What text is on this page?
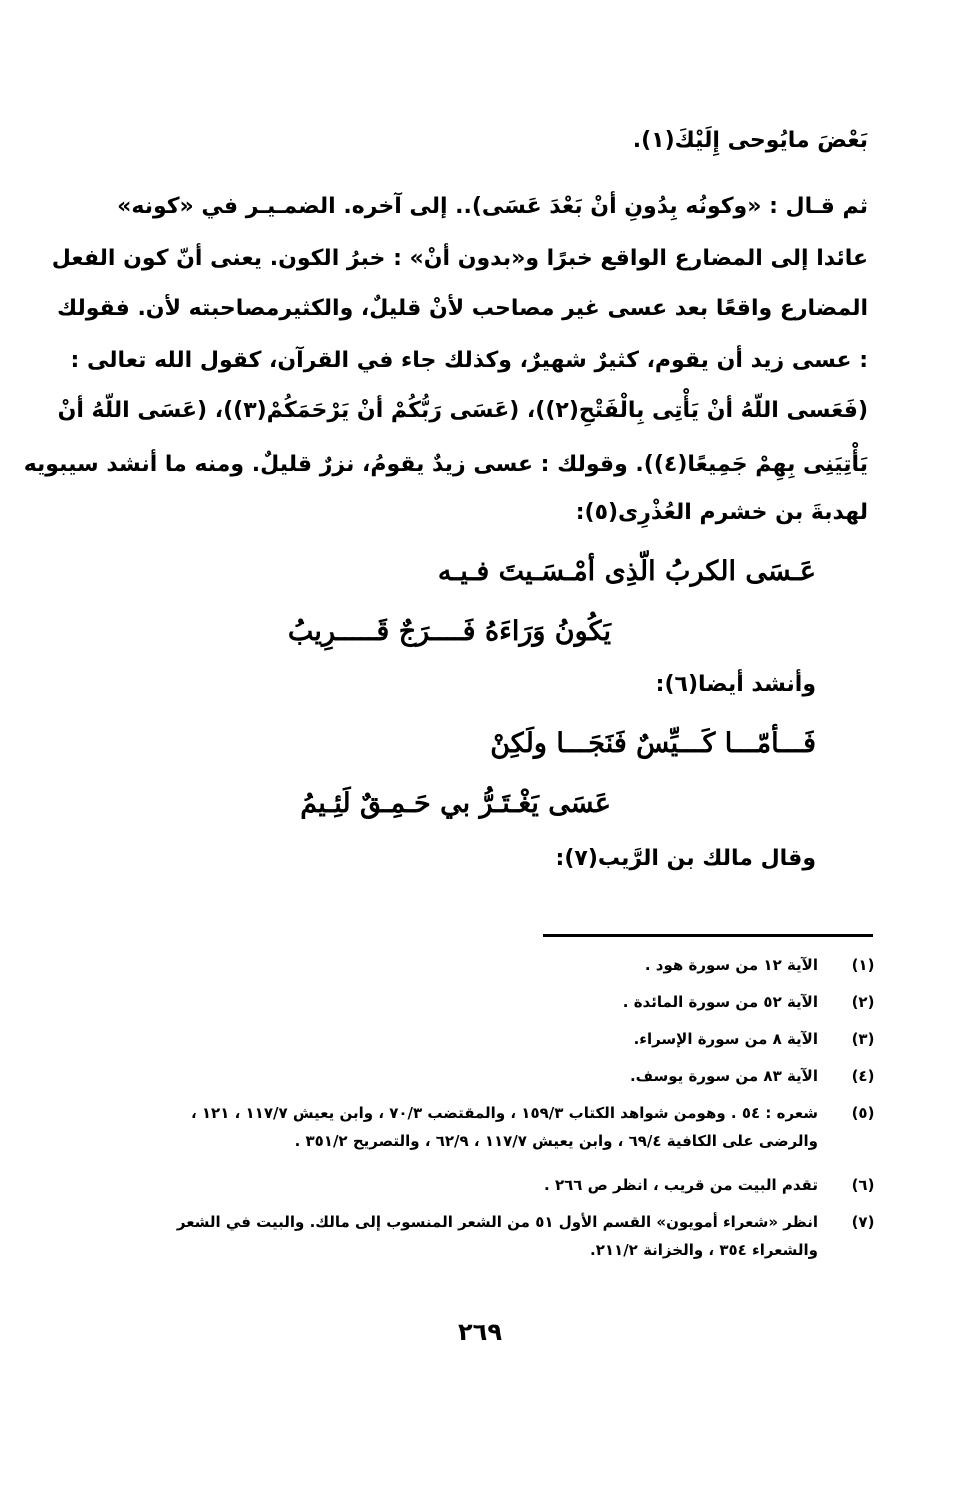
بَعْضَ مايُوحى إِلَيْكَ(١).
ثم قـال : «وكونُه بِدُونِ أنْ بَعْدَ عَسَى).. إلى آخره. الضمـيـر في «كونه»
عائدا إلى المضارع الواقع خبرًا و«بدون أنْ» : خبرُ الكون. يعنى أنّ كون الفعل
المضارع واقعًا بعد عسى غير مصاحب لأنْ قليلٌ، والكثيرمصاحبته لأن. فقولك
: عسى زيد أن يقوم، كثيرٌ شهيرٌ، وكذلك جاء في القرآن، كقول الله تعالى :
(فَعَسى اللّهُ أنْ يَأْتِى بِالْفَتْحِ(٢))، (عَسَى رَبُّكُمْ أنْ يَرْحَمَكُمْ(٣))، (عَسَى اللّهُ أنْ
يَأْتِيَنِى بِهِمْ جَمِيعًا(٤)). وقولك : عسى زيدٌ يقومُ، نزرٌ قليلٌ. ومنه ما أنشد سيبويه
لهدبةَ بن خشرم العُذْرِى(٥):
عَـسَى الكربُ الّذِى أمْـسَـيتَ فـيـه
يَكُونُ وَرَاءَهُ فَــــرَجٌ قَـــــرِيبُ
وأنشد أيضا(٦):
فَـــأمّـــا كَـــيِّسٌ فَنَجَـــا ولَكِنْ
عَسَى يَغْـتَـرُّ بي حَـمِـقٌ لَئِـيمُ
وقال مالك بن الرَّيب(٧):
(١)
الآية ١٢ من سورة هود .
(٢)
الآية ٥٢ من سورة المائدة .
(٣)
الآية ٨ من سورة الإسراء.
(٤)
الآية ٨٣ من سورة يوسف.
(٥)
شعره : ٥٤ . وهومن شواهد الكتاب ١٥٩/٣ ، والمقتضب ٧٠/٣ ، وابن يعيش ١١٧/٧ ، ١٢١ ،
والرضى على الكافية ٦٩/٤ ، وابن يعيش ١١٧/٧ ، ٦٢/٩ ، والتصريح ٣٥١/٢ .
(٦)
تقدم البيت من قريب ، انظر ص ٢٦٦ .
(٧)
انظر «شعراء أمويون» القسم الأول ٥١ من الشعر المنسوب إلى مالك. والبيت في الشعر
والشعراء ٣٥٤ ، والخزانة ٢١١/٢.
٢٦٩
